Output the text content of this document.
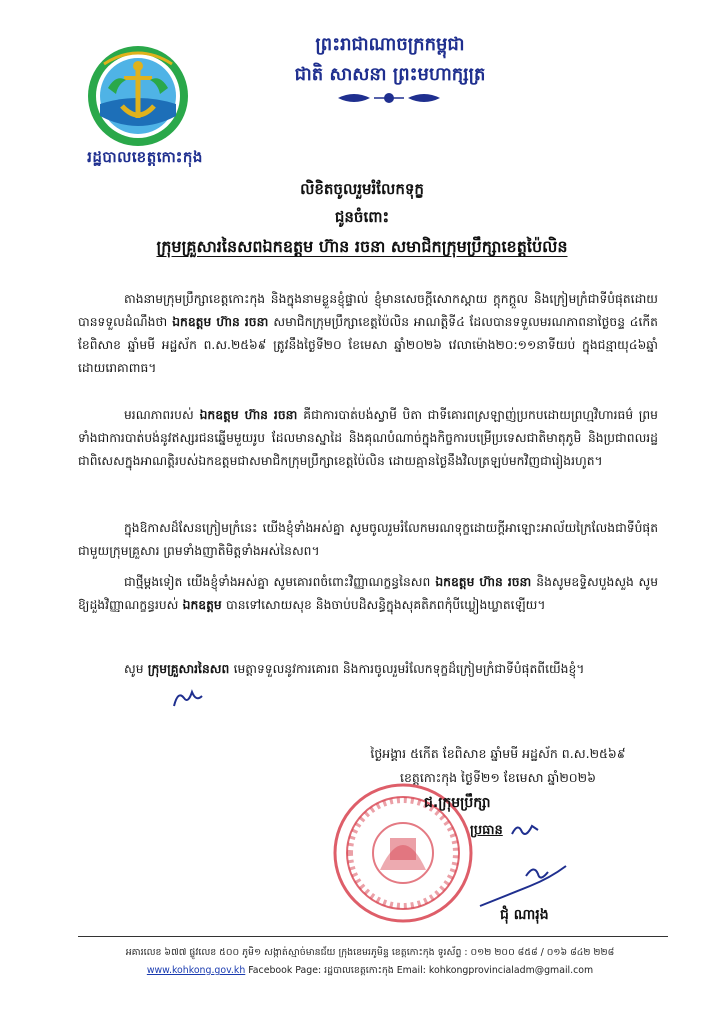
រដ្ឋបាលខេត្តកោះកុង
ព្រះរាជាណាចក្រកម្ពុជា
ជាតិ សាសនា ព្រះមហាក្សត្រ
លិខិតចូលរួមរំលែកទុក្ខ
ជូនចំពោះ
ក្រុមគ្រួសារនៃសពឯកឧត្តម ហ៊ាន រចនា សមាជិកក្រុមប្រឹក្សាខេត្តប៉ៃលិន
តាងនាមក្រុមប្រឹក្សាខេត្តកោះកុង និងក្នុងនាមខ្លួនខ្ញុំផ្ទាល់ ខ្ញុំមានសេចក្តីសោកស្តាយ ក្តុកក្តួល និងក្រៀមក្រំជាទីបំផុតដោយបានទទួលដំណឹងថា ឯកឧត្តម ហ៊ាន រចនា សមាជិកក្រុមប្រឹក្សាខេត្តប៉ៃលិន អាណត្តិទី៤ ដែលបានទទួលមរណភាពនាថ្ងៃចន្ទ ៤កើត ខែពិសាខ ឆ្នាំមមី អដ្ឋស័ក ព.ស.២៥៦៩ ត្រូវនឹងថ្ងៃទី២០ ខែមេសា ឆ្នាំ២០២៦ វេលាម៉ោង២០:១១នាទីយប់ ក្នុងជន្មាយុ៤៦ឆ្នាំ ដោយរោគាពាធ។
មរណភាពរបស់ ឯកឧត្តម ហ៊ាន រចនា គឺជាការបាត់បង់ស្វាមី បិតា ជាទីគោរពស្រឡាញ់ប្រកបដោយព្រហ្មវិហារធម៌ ព្រមទាំងជាការបាត់បង់នូវឥស្សរជនឆ្នើមមួយរូប ដែលមានស្នាដៃ និងគុណបំណាច់ក្នុងកិច្ចការបម្រើប្រទេសជាតិមាតុភូមិ និងប្រជាពលរដ្ឋ ជាពិសេសក្នុងអាណត្តិរបស់ឯកឧត្តមជាសមាជិកក្រុមប្រឹក្សាខេត្តប៉ៃលិន ដោយគ្មានថ្ងៃនឹងវិលត្រឡប់មកវិញជារៀងរហូត។
ក្នុងឱកាសដ៏សែនក្រៀមក្រំនេះ យើងខ្ញុំទាំងអស់គ្នា សូមចូលរួមរំលែកមរណទុក្ខដោយក្តីអាឡោះអាល័យក្រៃលែងជាទីបំផុតជាមួយក្រុមគ្រួសារ ព្រមទាំងញាតិមិត្តទាំងអស់នៃសព។
ជាថ្មីម្តងទៀត យើងខ្ញុំទាំងអស់គ្នា សូមគោរពចំពោះវិញ្ញាណក្ខន្ធនៃសព ឯកឧត្តម ហ៊ាន រចនា និងសូមឧទ្ទិសបួងសួង សូមឱ្យដួងវិញ្ញាណក្ខន្ធរបស់ ឯកឧត្តម បានទៅសោយសុខ និងចាប់បដិសន្ធិក្នុងសុគតិភពកុំបីឃ្លៀងឃ្លាតឡើយ។
សូម ក្រុមគ្រួសារនៃសព មេត្តាទទួលនូវការគោរព និងការចូលរួមរំលែកទុក្ខដ៏ក្រៀមក្រំជាទីបំផុតពីយើងខ្ញុំ។
ថ្ងៃអង្គារ ៥កើត ខែពិសាខ ឆ្នាំមមី អដ្ឋស័ក ព.ស.២៥៦៩
ខេត្តកោះកុង ថ្ងៃទី២១ ខែមេសា ឆ្នាំ២០២៦
ជ.ក្រុមប្រឹក្សា
ប្រធាន
ជុំ ណារុង
អគារលេខ ៦៧៧ ផ្លូវលេខ ៥០០ ភូមិ១ សង្កាត់ស្មាច់មានជ័យ ក្រុងខេមរភូមិន្ទ ខេត្តកោះកុង ទូរស័ព្ទ : ០១២ ២០០ ៨៥៨ / ០១៦ ៨៤២ ២២៨
www.kohkong.gov.kh Facebook Page: រដ្ឋបាលខេត្តកោះកុង Email: kohkongprovincialadm@gmail.com
